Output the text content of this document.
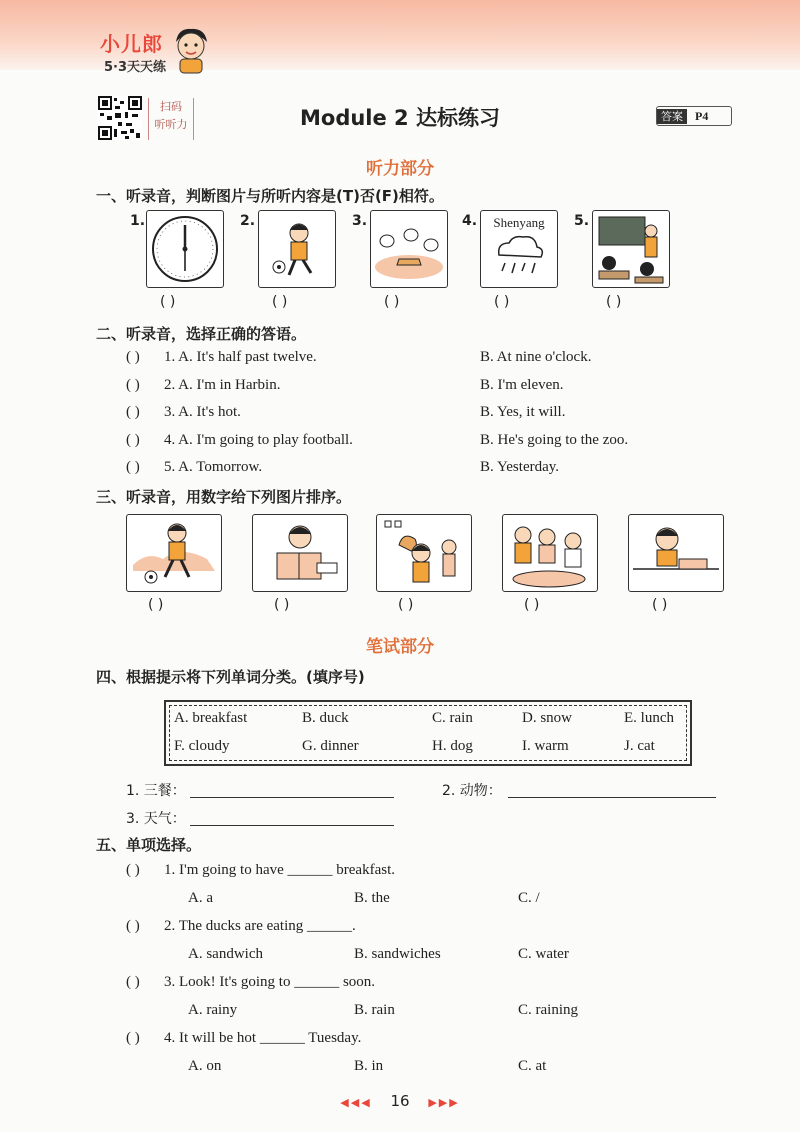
小儿郎
5·3天天练
扫码
听听力	Module 2 达标练习	答案 P4
听力部分
一、听录音，判断图片与所听内容是(T)否(F)相符。
1.	2.	3.	4.	Shenyang	5.
( )	( )	( )	( )	( )
二、听录音，选择正确的答语。
( ) 1. A. It's half past twelve.	B. At nine o'clock.
( ) 2. A. I'm in Harbin.	B. I'm eleven.
( ) 3. A. It's hot.	B. Yes, it will.
( ) 4. A. I'm going to play football.	B. He's going to the zoo.
( ) 5. A. Tomorrow.	B. Yesterday.
三、听录音，用数字给下列图片排序。
( )	( )	( )	( )	( )
笔试部分
四、根据提示将下列单词分类。(填序号)
A. breakfast	B. duck	C. rain	D. snow	E. lunch
F. cloudy	G. dinner	H. dog	I. warm	J. cat
1. 三餐：	2. 动物：
3. 天气：
五、单项选择。
( ) 1. I'm going to have ______ breakfast.
A. a	B. the	C. /
( ) 2. The ducks are eating ______.
A. sandwich	B. sandwiches	C. water
( ) 3. Look! It's going to ______ soon.
A. rainy	B. rain	C. raining
( ) 4. It will be hot ______ Tuesday.
A. on	B. in	C. at
◀◀◀ 16 ▶▶▶
